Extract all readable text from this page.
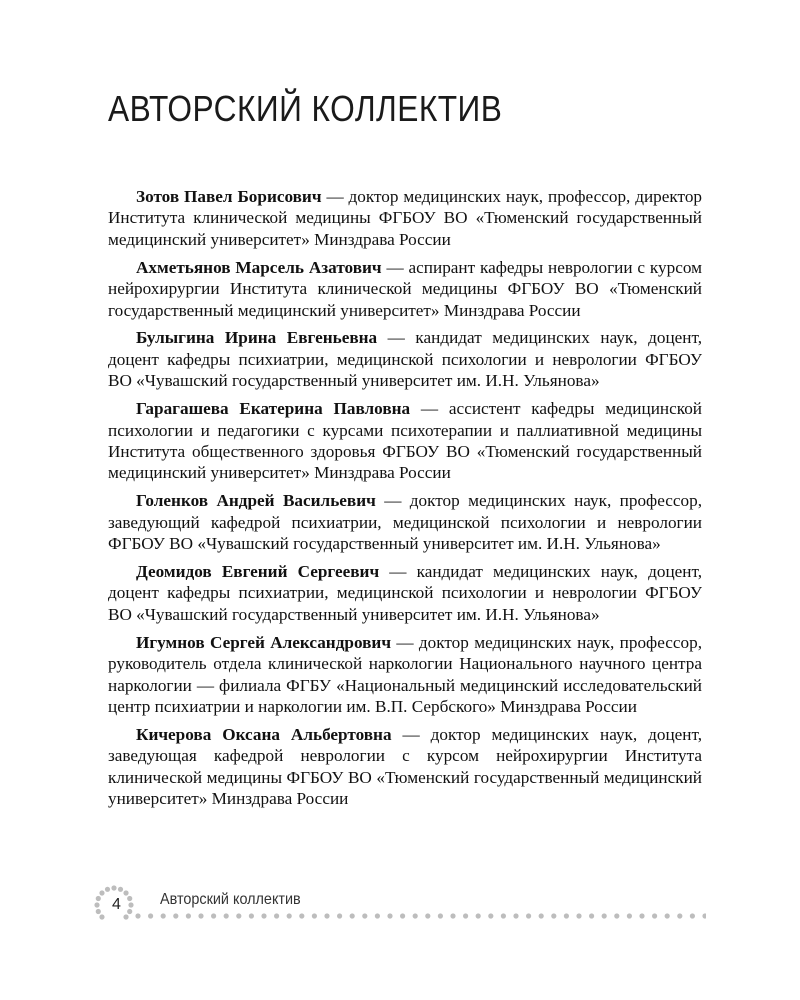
АВТОРСКИЙ КОЛЛЕКТИВ

Зотов Павел Борисович — доктор медицинских наук, профессор, директор Института клинической медицины ФГБОУ ВО «Тюменский государственный медицинский университет» Минздрава России

Ахметьянов Марсель Азатович — аспирант кафедры неврологии с курсом нейрохирургии Института клинической медицины ФГБОУ ВО «Тюменский государственный медицинский университет» Минздрава России

Булыгина Ирина Евгеньевна — кандидат медицинских наук, доцент, доцент кафедры психиатрии, медицинской психологии и неврологии ФГБОУ ВО «Чувашский государственный университет им. И.Н. Ульянова»

Гарагашева Екатерина Павловна — ассистент кафедры медицинской психологии и педагогики с курсами психотерапии и паллиативной медицины Института общественного здоровья ФГБОУ ВО «Тюменский государственный медицинский университет» Минздрава России

Голенков Андрей Васильевич — доктор медицинских наук, профессор, заведующий кафедрой психиатрии, медицинской психологии и неврологии ФГБОУ ВО «Чувашский государственный университет им. И.Н. Ульянова»

Деомидов Евгений Сергеевич — кандидат медицинских наук, доцент, доцент кафедры психиатрии, медицинской психологии и неврологии ФГБОУ ВО «Чувашский государственный университет им. И.Н. Ульянова»

Игумнов Сергей Александрович — доктор медицинских наук, профессор, руководитель отдела клинической наркологии Национального научного центра наркологии — филиала ФГБУ «Национальный медицинский исследовательский центр психиатрии и наркологии им. В.П. Сербского» Минздрава России

Кичерова Оксана Альбертовна — доктор медицинских наук, доцент, заведующая кафедрой неврологии с курсом нейрохирургии Института клинической медицины ФГБОУ ВО «Тюменский государственный медицинский университет» Минздрава России

4 Авторский коллектив
